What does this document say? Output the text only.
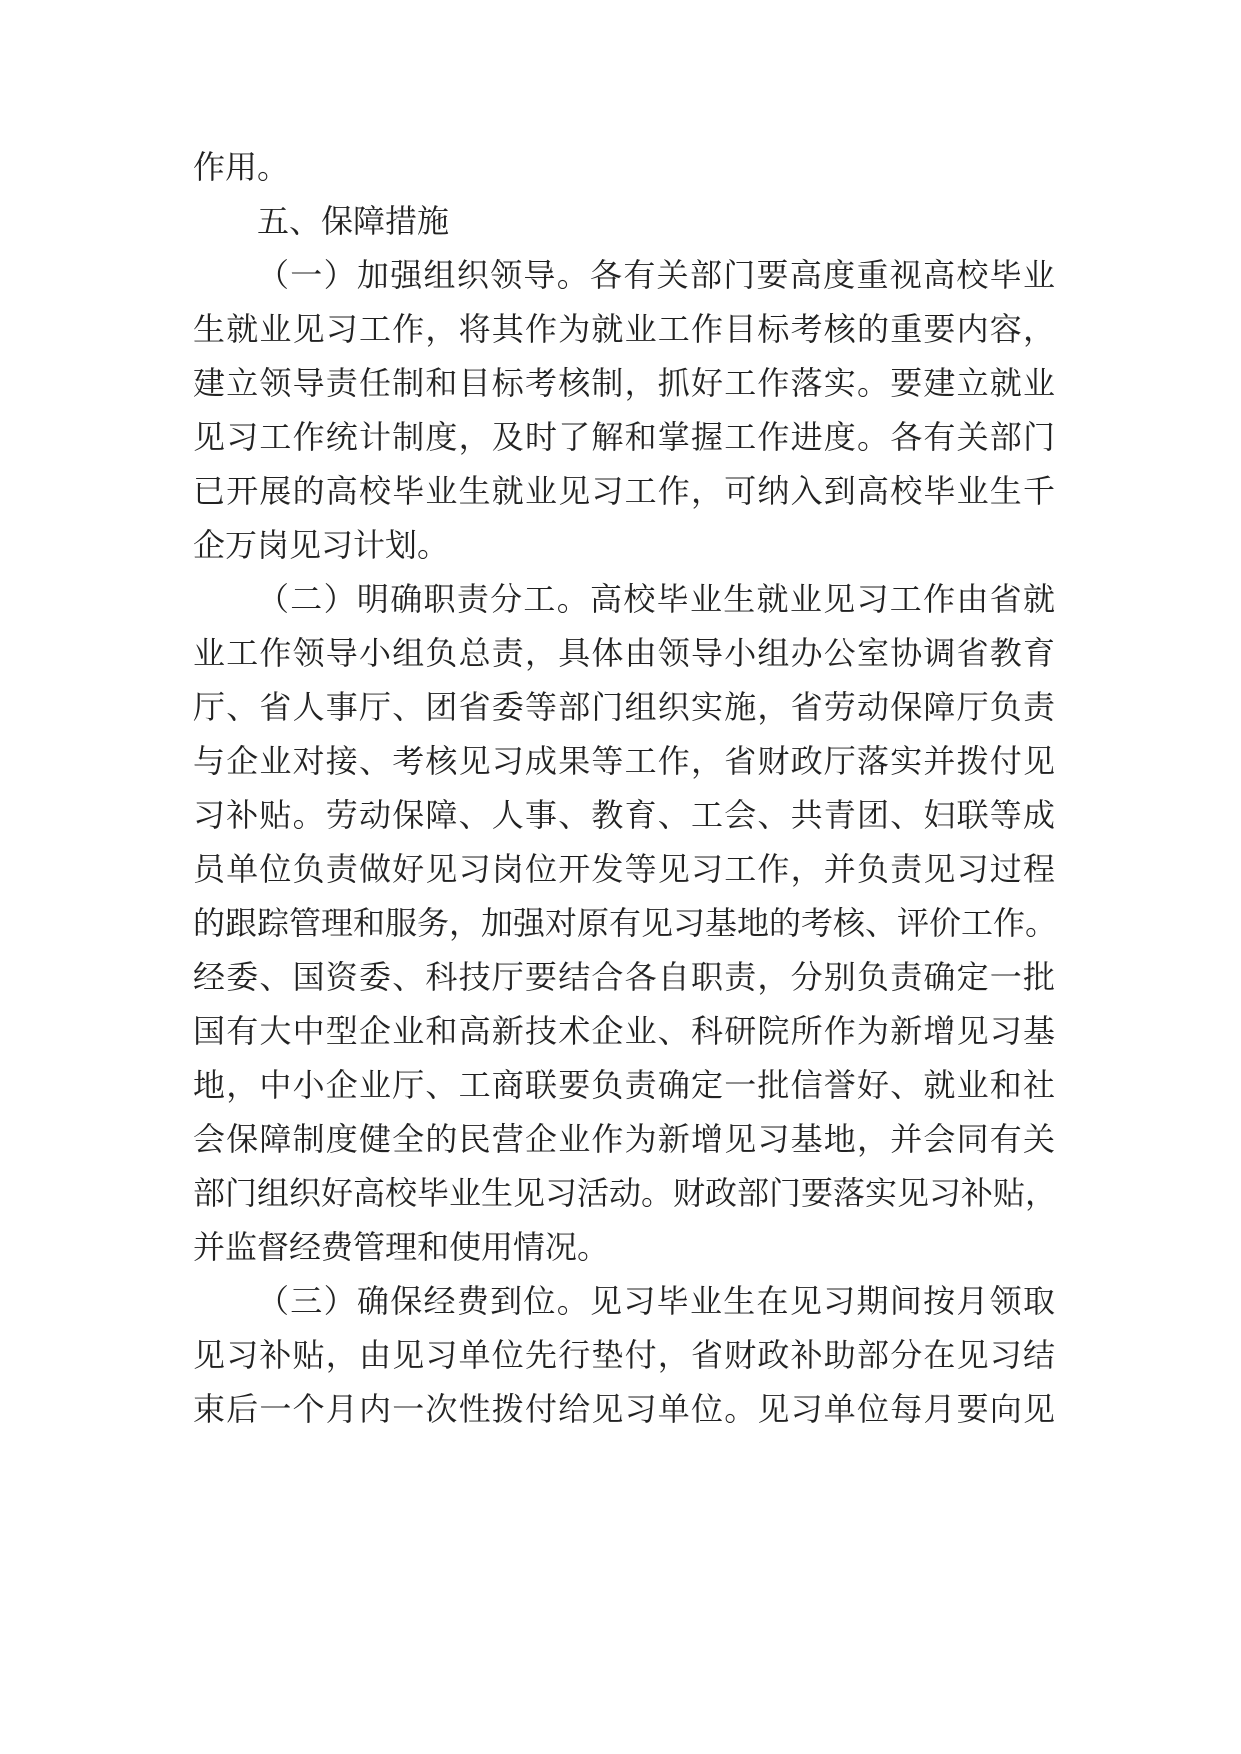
作用。

五、保障措施

（一）加强组织领导。各有关部门要高度重视高校毕业

生就业见习工作，将其作为就业工作目标考核的重要内容，

建立领导责任制和目标考核制，抓好工作落实。要建立就业

见习工作统计制度，及时了解和掌握工作进度。各有关部门

已开展的高校毕业生就业见习工作，可纳入到高校毕业生千

企万岗见习计划。

（二）明确职责分工。高校毕业生就业见习工作由省就

业工作领导小组负总责，具体由领导小组办公室协调省教育

厅、省人事厅、团省委等部门组织实施，省劳动保障厅负责

与企业对接、考核见习成果等工作，省财政厅落实并拨付见

习补贴。劳动保障、人事、教育、工会、共青团、妇联等成

员单位负责做好见习岗位开发等见习工作，并负责见习过程

的跟踪管理和服务，加强对原有见习基地的考核、评价工作。

经委、国资委、科技厅要结合各自职责，分别负责确定一批

国有大中型企业和高新技术企业、科研院所作为新增见习基

地，中小企业厅、工商联要负责确定一批信誉好、就业和社

会保障制度健全的民营企业作为新增见习基地，并会同有关

部门组织好高校毕业生见习活动。财政部门要落实见习补贴，

并监督经费管理和使用情况。

（三）确保经费到位。见习毕业生在见习期间按月领取

见习补贴，由见习单位先行垫付，省财政补助部分在见习结

束后一个月内一次性拨付给见习单位。见习单位每月要向见
